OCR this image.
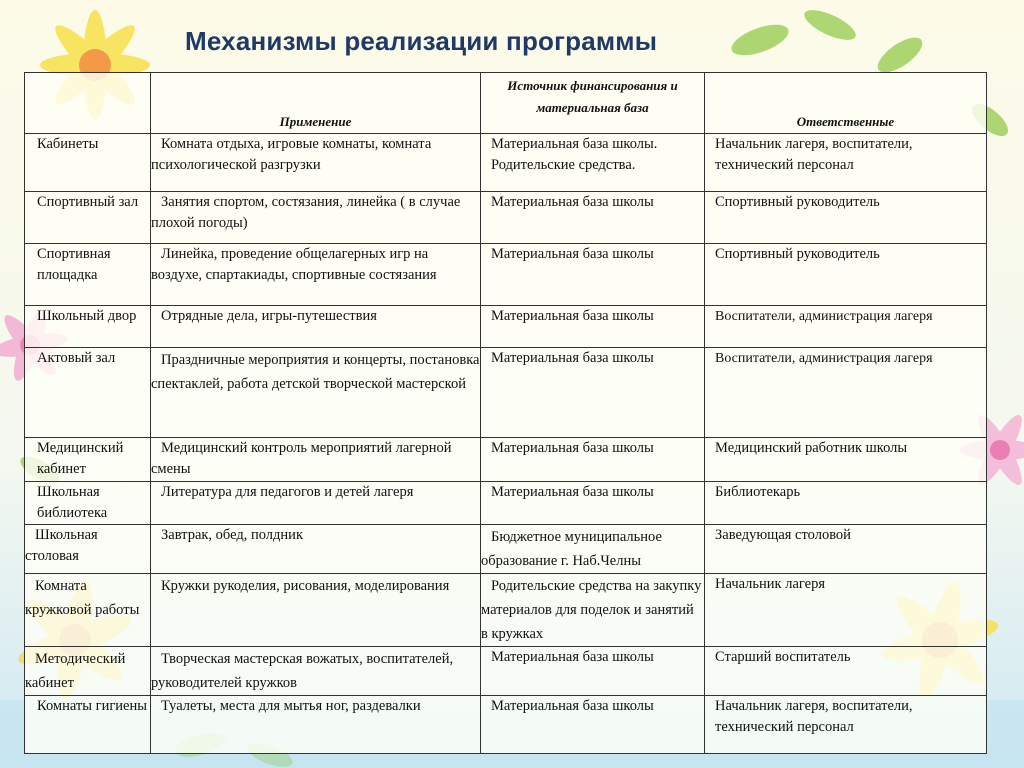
Механизмы реализации программы
	Применение	Источник финансирования и материальная база	Ответственные
Кабинеты	Комната отдыха, игровые комнаты, комната психологической разгрузки	Материальная база школы. Родительские средства.	Начальник лагеря, воспитатели, технический персонал
Спортивный зал	Занятия спортом, состязания, линейка ( в случае плохой погоды)	Материальная база школы	Спортивный руководитель
Спортивная площадка	Линейка, проведение общелагерных игр на воздухе, спартакиады, спортивные состязания	Материальная база школы	Спортивный руководитель
Школьный двор	Отрядные дела, игры-путешествия	Материальная база школы	Воспитатели, администрация лагеря
Актовый зал	Праздничные мероприятия и концерты, постановка спектаклей, работа детской творческой мастерской	Материальная база школы	Воспитатели, администрация лагеря
Медицинский кабинет	Медицинский контроль мероприятий лагерной смены	Материальная база школы	Медицинский работник школы
Школьная библиотека	Литература для педагогов и детей лагеря	Материальная база школы	Библиотекарь
Школьная столовая	Завтрак, обед, полдник	Бюджетное муниципальное образование г. Наб.Челны	Заведующая столовой
Комната кружковой работы	Кружки рукоделия, рисования, моделирования	Родительские средства на закупку материалов для поделок и занятий в кружках	Начальник лагеря
Методический кабинет	Творческая мастерская вожатых, воспитателей, руководителей кружков	Материальная база школы	Старший воспитатель
Комнаты гигиены	Туалеты, места для мытья ног, раздевалки	Материальная база школы	Начальник лагеря, воспитатели, технический персонал
